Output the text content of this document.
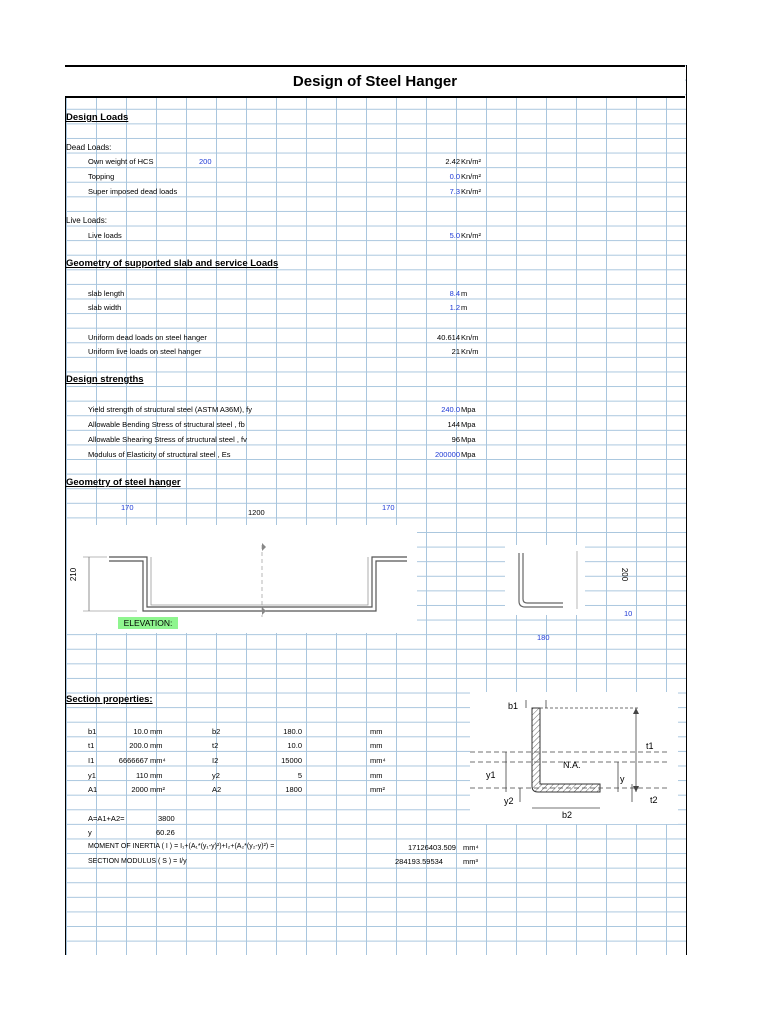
Design of Steel Hanger
Design Loads
Dead Loads:
Own weight of HCS	200	2.42 Kn/m²
Topping	0.0 Kn/m²
Super imposed dead loads	7.3 Kn/m²
Live Loads:
Live loads	5.0 Kn/m²
Geometry of supported slab and service Loads
slab length	8.4 m
slab width	1.2 m
Uniform dead loads on steel hanger	40.614 Kn/m
Uniform live loads on steel hanger	21 Kn/m
Design strengths
Yield strength of structural steel (ASTM A36M), fy	240.0 Mpa
Allowable Bending Stress of structural steel , fb	144 Mpa
Allowable Shearing Stress of structural steel , fv	96 Mpa
Modulus of Elasticity of structural steel , Es	200000 Mpa
Geometry of steel hanger
170
1200
170
210
ELEVATION:
200
10
180
Section properties:
b1	10.0 mm	b2	180.0	mm
t1	200.0 mm	t2	10.0	mm
I1	6666667 mm⁴	I2	15000	mm⁴
y1	110 mm	y2	5	mm
A1	2000 mm²	A2	1800	mm²
A=A1+A2=	3800
y	60.26
MOMENT OF INERTIA ( I ) = I₁+(A₁*(y₁-y)²)+I₂+(A₂*(y₂-y)²) =	17126403.509 mm⁴
SECTION MODULUS ( S ) = I/y	284193.59534	mm³
b1
t1
N.A.
y
y1
y2
b2
t2
